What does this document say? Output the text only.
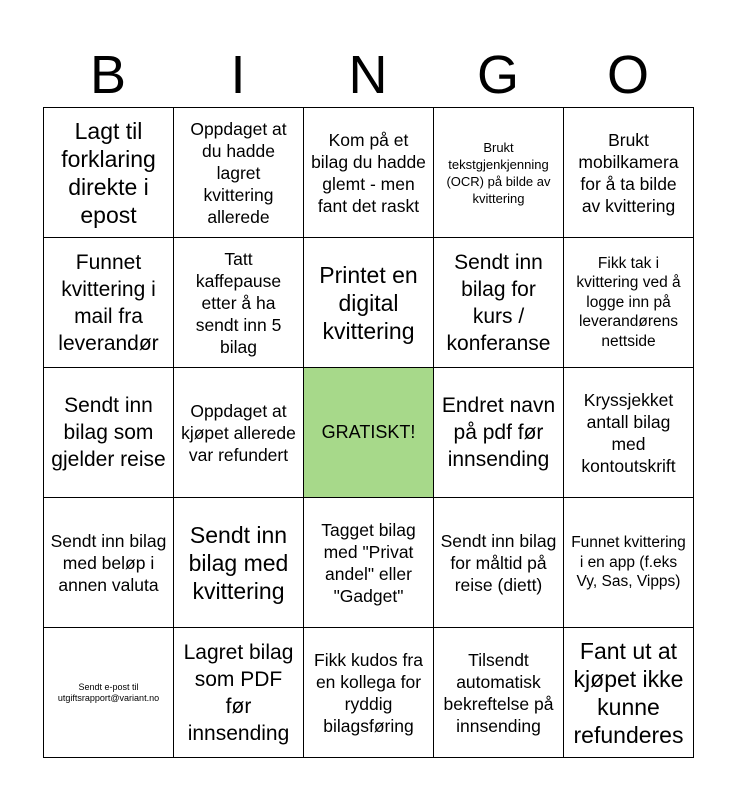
B	I	N	G	O
Lagt til forklaring direkte i epost
Oppdaget at du hadde lagret kvittering allerede
Kom på et bilag du hadde glemt - men fant det raskt
Brukt tekstgjenkjenning (OCR) på bilde av kvittering
Brukt mobilkamera for å ta bilde av kvittering
Funnet kvittering i mail fra leverandør
Tatt kaffepause etter å ha sendt inn 5 bilag
Printet en digital kvittering
Sendt inn bilag for kurs / konferanse
Fikk tak i kvittering ved å logge inn på leverandørens nettside
Sendt inn bilag som gjelder reise
Oppdaget at kjøpet allerede var refundert
GRATISKT!
Endret navn på pdf før innsending
Kryssjekket antall bilag med kontoutskrift
Sendt inn bilag med beløp i annen valuta
Sendt inn bilag med kvittering
Tagget bilag med "Privat andel" eller "Gadget"
Sendt inn bilag for måltid på reise (diett)
Funnet kvittering i en app (f.eks Vy, Sas, Vipps)
Sendt e-post til utgiftsrapport@variant.no
Lagret bilag som PDF før innsending
Fikk kudos fra en kollega for ryddig bilagsføring
Tilsendt automatisk bekreftelse på innsending
Fant ut at kjøpet ikke kunne refunderes
